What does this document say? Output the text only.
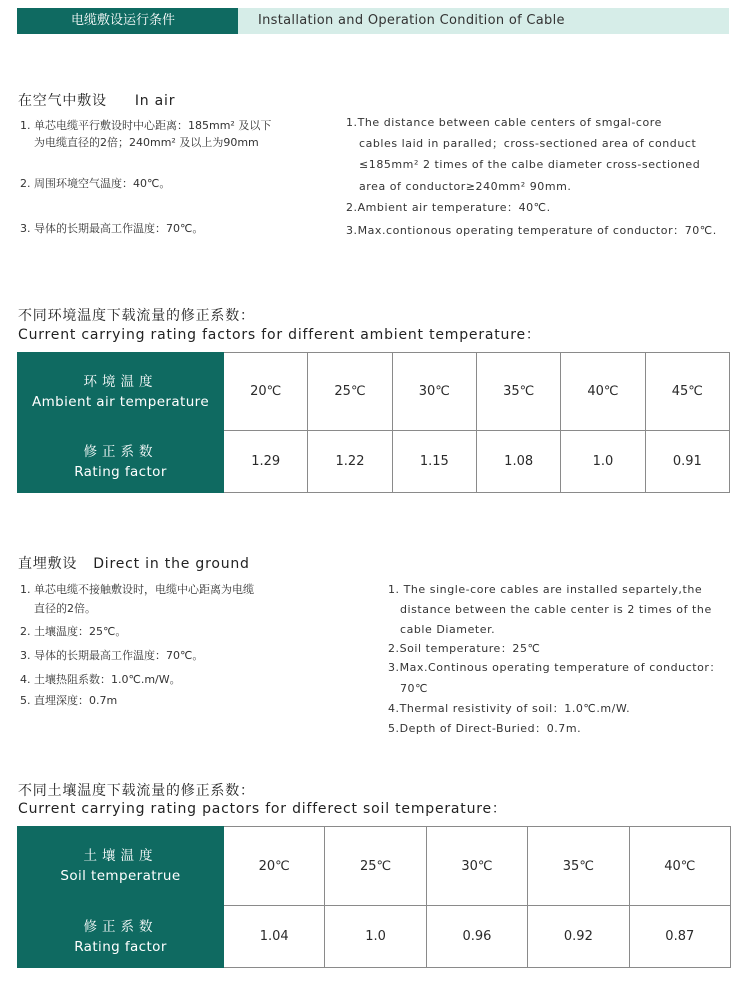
电缆敷设运行条件	Installation and Operation Condition of Cable
在空气中敷设 In air
1. 单芯电缆平行敷设时中心距离：185mm² 及以下
为电缆直径的2倍；240mm² 及以上为90mm
2. 周围环境空气温度：40℃。
3. 导体的长期最高工作温度：70℃。
1.The distance between cable centers of smgal-core
cables laid in paralled；cross-sectioned area of conduct
≤185mm² 2 times of the calbe diameter cross-sectioned
area of conductor≥240mm² 90mm.
2.Ambient air temperature：40℃.
3.Max.contionous operating temperature of conductor：70℃.
不同环境温度下载流量的修正系数：
Current carrying rating factors for different ambient temperature：
环境温度
Ambient air temperature	20℃	25℃	30℃	35℃	40℃	45℃

修正系数
Rating factor	1.29	1.22	1.15	1.08	1.0	0.91
直埋敷设 Direct in the ground
1. 单芯电缆不接触敷设时，电缆中心距离为电缆
直径的2倍。
2. 土壤温度：25℃。
3. 导体的长期最高工作温度：70℃。
4. 土壤热阻系数：1.0℃.m/W。
5. 直埋深度：0.7m
1. The single-core cables are installed separtely,the
distance between the cable center is 2 times of the
cable Diameter.
2.Soil temperature：25℃
3.Max.Continous operating temperature of conductor：
70℃
4.Thermal resistivity of soil：1.0℃.m/W.
5.Depth of Direct-Buried：0.7m.
不同土壤温度下载流量的修正系数：
Current carrying rating pactors for differect soil temperature：
土壤温度
Soil temperatrue	20℃	25℃	30℃	35℃	40℃

修正系数
Rating factor	1.04	1.0	0.96	0.92	0.87
